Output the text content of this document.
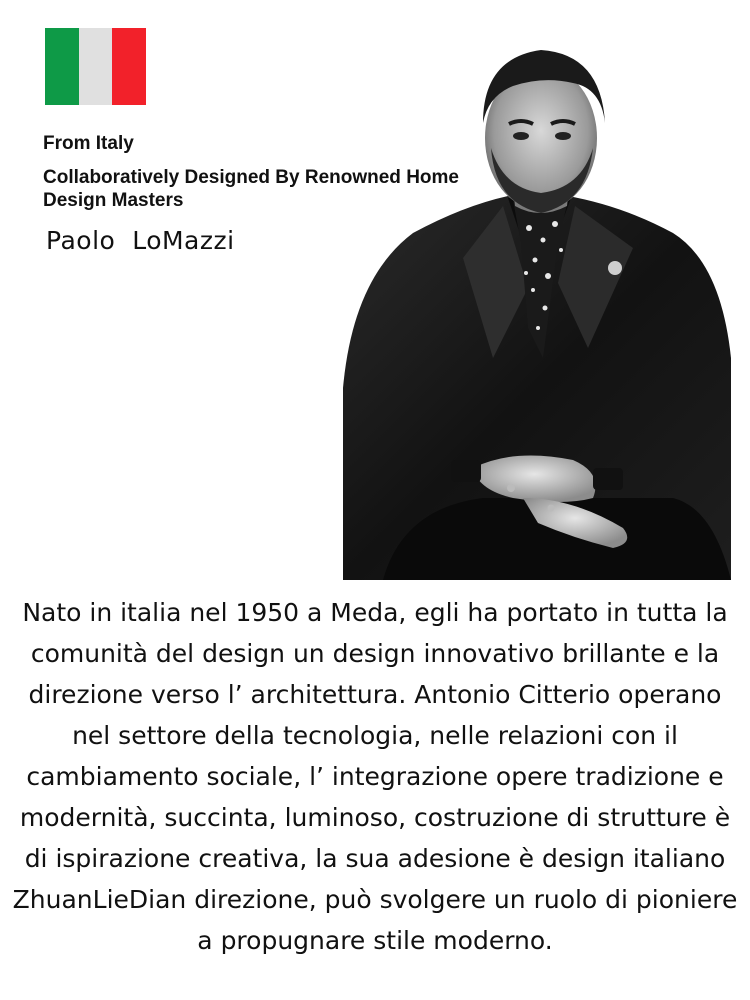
From Italy

Collaboratively Designed By Renowned Home Design Masters

Paolo  LoMazzi

Nato in italia nel 1950 a Meda, egli ha portato in tutta la comunità del design un design innovativo brillante e la direzione verso l’ architettura. Antonio Citterio operano nel settore della tecnologia, nelle relazioni con il cambiamento sociale, l’ integrazione opere tradizione e modernità, succinta, luminoso, costruzione di strutture è di ispirazione creativa, la sua adesione è design italiano ZhuanLieDian direzione, può svolgere un ruolo di pioniere a propugnare stile moderno.
